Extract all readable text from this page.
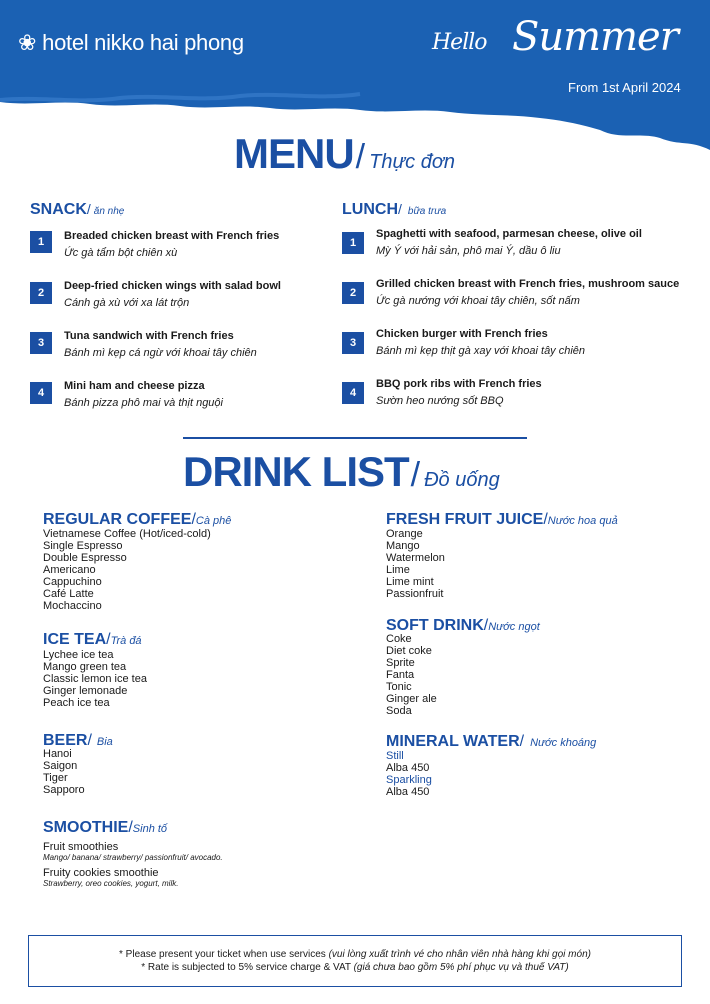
❀ hotel nikko hai phong	Hello Summer
From 1st April 2024
MENU / Thực đơn
SNACK / ăn nhẹ
1	Breaded chicken breast with French fries
Ức gà tẩm bột chiên xù
2
Deep-fried chicken wings with salad bowl
Cánh gà xù với xa lát trộn
3
Tuna sandwich with French fries
Bánh mì kẹp cá ngừ với khoai tây chiên
4
Mini ham and cheese pizza
Bánh pizza phô mai và thịt nguội
LUNCH / bữa trưa
1
Spaghetti with seafood, parmesan cheese, olive oil
Mỳ Ý với hải sản, phô mai Ý, dầu ô liu
2
Grilled chicken breast with French fries, mushroom sauce
Ức gà nướng với khoai tây chiên, sốt nấm
3
Chicken burger with French fries
Bánh mì kẹp thịt gà xay với khoai tây chiên
4
BBQ pork ribs with French fries
Sườn heo nướng sốt BBQ
DRINK LIST / Đồ uống
REGULAR COFFEE / Cà phê
Vietnamese Coffee (Hot/iced-cold)
Single Espresso
Double Espresso
Americano
Cappuchino
Café Latte
Mochaccino
ICE TEA / Trà đá
Lychee ice tea
Mango green tea
Classic lemon ice tea
Ginger lemonade
Peach ice tea
BEER / Bia
Hanoi
Saigon
Tiger
Sapporo
SMOOTHIE / Sinh tố
Fruit smoothies
Mango/ banana/ strawberry/ passionfruit/ avocado.
Fruity cookies smoothie
Strawberry, oreo cookies, yogurt, milk.
FRESH FRUIT JUICE / Nước hoa quả
Orange
Mango
Watermelon
Lime
Lime mint
Passionfruit
SOFT DRINK / Nước ngọt
Coke
Diet coke
Sprite
Fanta
Tonic
Ginger ale
Soda
MINERAL WATER / Nước khoáng
Still
Alba 450
Sparkling
Alba 450
* Please present your ticket when use services (vui lòng xuất trình vé cho nhân viên nhà hàng khi gọi món)
* Rate is subjected to 5% service charge & VAT (giá chưa bao gồm 5% phí phục vụ và thuế VAT)
